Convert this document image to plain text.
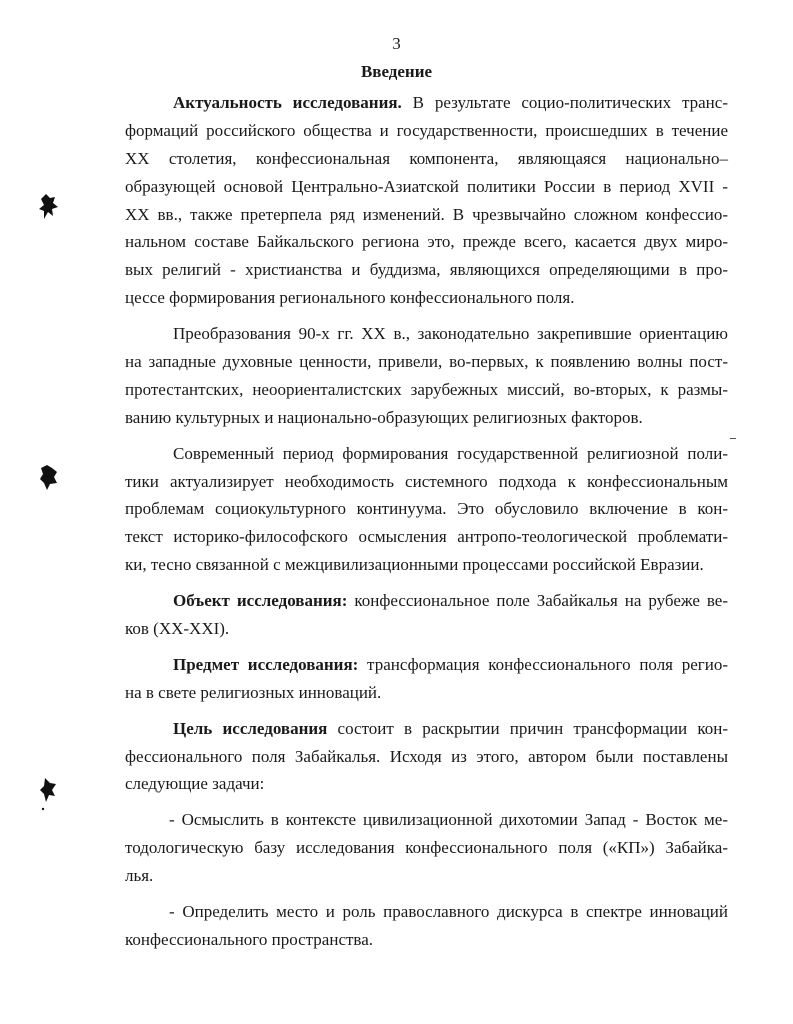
3
Введение
Актуальность исследования. В результате социо-политических транс-
формаций российского общества и государственности, происшедших в течение
XX столетия, конфессиональная компонента, являющаяся национально–
образующей основой Центрально-Азиатской политики России в период XVII -
XX вв., также претерпела ряд изменений. В чрезвычайно сложном конфессио-
нальном составе Байкальского региона это, прежде всего, касается двух миро-
вых религий - христианства и буддизма, являющихся определяющими в про-
цессе формирования регионального конфессионального поля.
Преобразования 90-х гг. XX в., законодательно закрепившие ориентацию
на западные духовные ценности, привели, во-первых, к появлению волны пост-
протестантских, неоориенталистских зарубежных миссий, во-вторых, к размы-
ванию культурных и национально-образующих религиозных факторов.
Современный период формирования государственной религиозной поли-
тики актуализирует необходимость системного подхода к конфессиональным
проблемам социокультурного континуума. Это обусловило включение в кон-
текст историко-философского осмысления антропо-теологической проблемати-
ки, тесно связанной с межцивилизационными процессами российской Евразии.
Объект исследования: конфессиональное поле Забайкалья на рубеже ве-
ков (XX-XXI).
Предмет исследования: трансформация конфессионального поля регио-
на в свете религиозных инноваций.
Цель исследования состоит в раскрытии причин трансформации кон-
фессионального поля Забайкалья. Исходя из этого, автором были поставлены
следующие задачи:
- Осмыслить в контексте цивилизационной дихотомии Запад - Восток ме-
тодологическую базу исследования конфессионального поля («КП») Забайка-
лья.
- Определить место и роль православного дискурса в спектре инноваций
конфессионального пространства.
